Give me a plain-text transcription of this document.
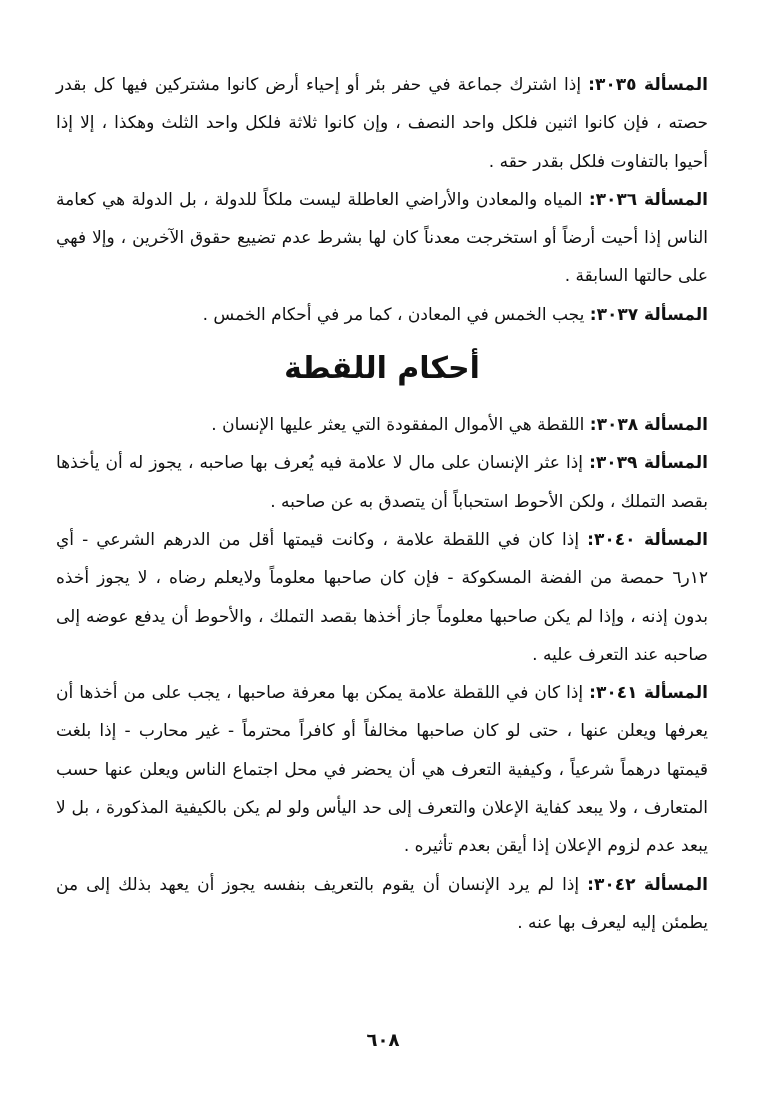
المسألة ٣٠٣٥: إذا اشترك جماعة في حفر بئر أو إحياء أرض كانوا مشتركين فيها كل بقدر حصته ، فإن كانوا اثنين فلكل واحد النصف ، وإن كانوا ثلاثة فلكل واحد الثلث وهكذا ، إلا إذا أحيوا بالتفاوت فلكل بقدر حقه .

المسألة ٣٠٣٦: المياه والمعادن والأراضي العاطلة ليست ملكاً للدولة ، بل الدولة هي كعامة الناس إذا أحيت أرضاً أو استخرجت معدناً كان لها بشرط عدم تضييع حقوق الآخرين ، وإلا فهي على حالتها السابقة .

المسألة ٣٠٣٧: يجب الخمس في المعادن ، كما مر في أحكام الخمس .

أحكام اللقطة

المسألة ٣٠٣٨: اللقطة هي الأموال المفقودة التي يعثر عليها الإنسان .

المسألة ٣٠٣٩: إذا عثر الإنسان على مال لا علامة فيه يُعرف بها صاحبه ، يجوز له أن يأخذها بقصد التملك ، ولكن الأحوط استحباباً أن يتصدق به عن صاحبه .

المسألة ٣٠٤٠: إذا كان في اللقطة علامة ، وكانت قيمتها أقل من الدرهم الشرعي - أي ١٢ر٦ حمصة من الفضة المسكوكة - فإن كان صاحبها معلوماً ولايعلم رضاه ، لا يجوز أخذه بدون إذنه ، وإذا لم يكن صاحبها معلوماً جاز أخذها بقصد التملك ، والأحوط أن يدفع عوضه إلى صاحبه عند التعرف عليه .

المسألة ٣٠٤١: إذا كان في اللقطة علامة يمكن بها معرفة صاحبها ، يجب على من أخذها أن يعرفها ويعلن عنها ، حتى لو كان صاحبها مخالفاً أو كافراً محترماً - غير محارب - إذا بلغت قيمتها درهماً شرعياً ، وكيفية التعرف هي أن يحضر في محل اجتماع الناس ويعلن عنها حسب المتعارف ، ولا يبعد كفاية الإعلان والتعرف إلى حد اليأس ولو لم يكن بالكيفية المذكورة ، بل لا يبعد عدم لزوم الإعلان إذا أيقن بعدم تأثيره .

المسألة ٣٠٤٢: إذا لم يرد الإنسان أن يقوم بالتعريف بنفسه يجوز أن يعهد بذلك إلى من يطمئن إليه ليعرف بها عنه .

٦٠٨
